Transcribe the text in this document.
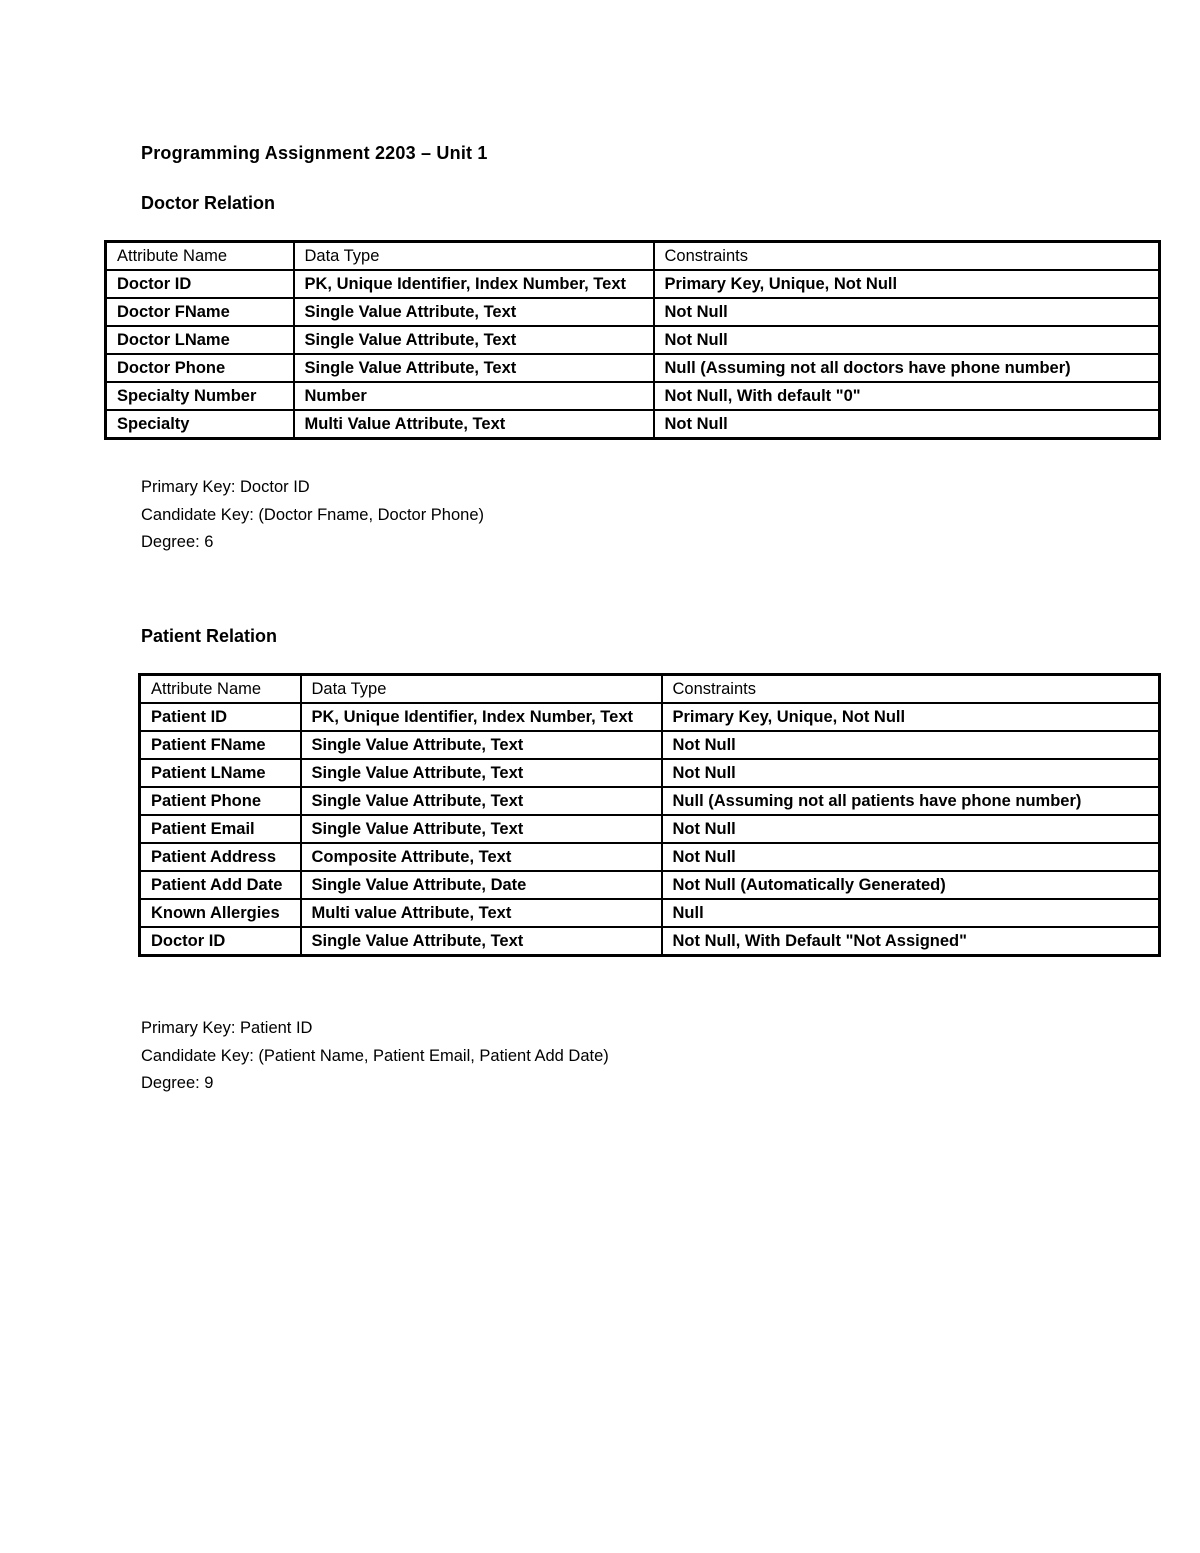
Programming Assignment 2203 – Unit 1
Doctor Relation
Attribute Name	Data Type	Constraints
Doctor ID	PK, Unique Identifier, Index Number, Text	Primary Key, Unique, Not Null
Doctor FName	Single Value Attribute, Text	Not Null
Doctor LName	Single Value Attribute, Text	Not Null
Doctor Phone	Single Value Attribute, Text	Null (Assuming not all doctors have phone number)
Specialty Number	Number	Not Null, With default "0"
Specialty	Multi Value Attribute, Text	Not Null
Primary Key: Doctor ID
Candidate Key: (Doctor Fname, Doctor Phone)
Degree: 6
Patient Relation
Attribute Name	Data Type	Constraints
Patient ID	PK, Unique Identifier, Index Number, Text	Primary Key, Unique, Not Null
Patient FName	Single Value Attribute, Text	Not Null
Patient LName	Single Value Attribute, Text	Not Null
Patient Phone	Single Value Attribute, Text	Null (Assuming not all patients have phone number)
Patient Email	Single Value Attribute, Text	Not Null
Patient Address	Composite Attribute, Text	Not Null
Patient Add Date	Single Value Attribute, Date	Not Null (Automatically Generated)
Known Allergies	Multi value Attribute, Text	Null
Doctor ID	Single Value Attribute, Text	Not Null, With Default "Not Assigned"
Primary Key: Patient ID
Candidate Key: (Patient Name, Patient Email, Patient Add Date)
Degree: 9
